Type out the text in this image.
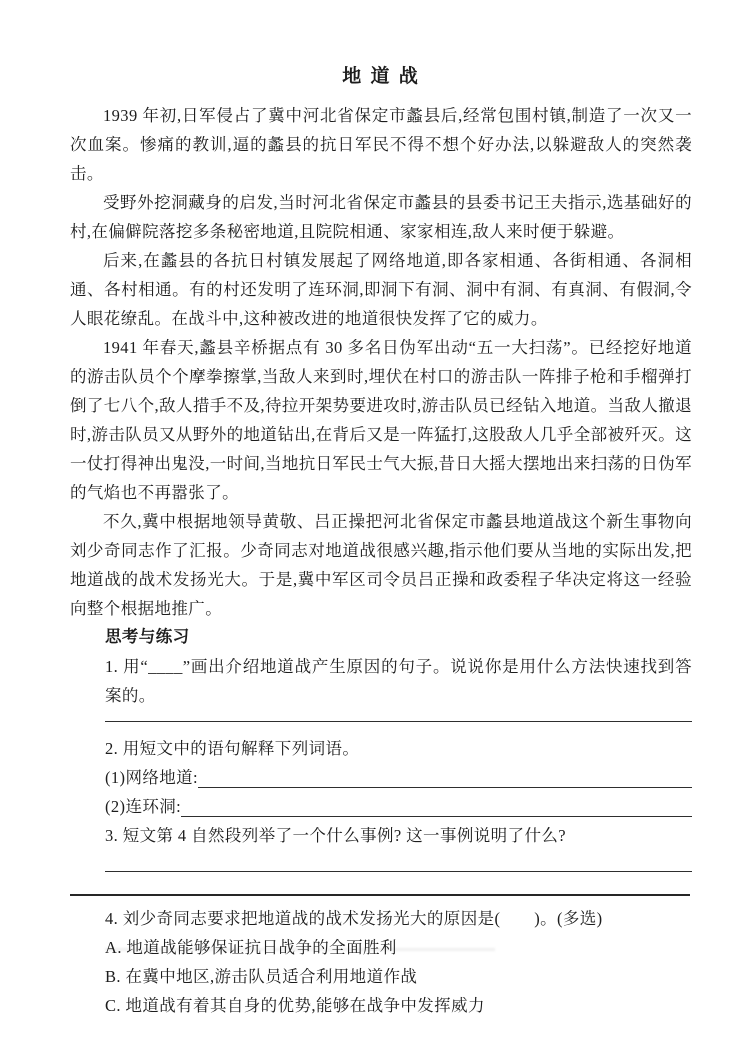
地 道 战

1939 年初,日军侵占了冀中河北省保定市蠡县后,经常包围村镇,制造了一次又一次血案。惨痛的教训,逼的蠡县的抗日军民不得不想个好办法,以躲避敌人的突然袭击。

受野外挖洞藏身的启发,当时河北省保定市蠡县的县委书记王夫指示,选基础好的村,在偏僻院落挖多条秘密地道,且院院相通、家家相连,敌人来时便于躲避。

后来,在蠡县的各抗日村镇发展起了网络地道,即各家相通、各街相通、各洞相通、各村相通。有的村还发明了连环洞,即洞下有洞、洞中有洞、有真洞、有假洞,令人眼花缭乱。在战斗中,这种被改进的地道很快发挥了它的威力。

1941 年春天,蠡县辛桥据点有 30 多名日伪军出动“五一大扫荡”。已经挖好地道的游击队员个个摩拳擦掌,当敌人来到时,埋伏在村口的游击队一阵排子枪和手榴弹打倒了七八个,敌人措手不及,待拉开架势要进攻时,游击队员已经钻入地道。当敌人撤退时,游击队员又从野外的地道钻出,在背后又是一阵猛打,这股敌人几乎全部被歼灭。这一仗打得神出鬼没,一时间,当地抗日军民士气大振,昔日大摇大摆地出来扫荡的日伪军的气焰也不再嚣张了。

不久,冀中根据地领导黄敬、吕正操把河北省保定市蠡县地道战这个新生事物向刘少奇同志作了汇报。少奇同志对地道战很感兴趣,指示他们要从当地的实际出发,把地道战的战术发扬光大。于是,冀中军区司令员吕正操和政委程子华决定将这一经验向整个根据地推广。

思考与练习

1. 用“____”画出介绍地道战产生原因的句子。说说你是用什么方法快速找到答案的。

2. 用短文中的语句解释下列词语。

(1)网络地道:
(2)连环洞:

3. 短文第 4 自然段列举了一个什么事例? 这一事例说明了什么?

4. 刘少奇同志要求把地道战的战术发扬光大的原因是(　　)。(多选)

A. 地道战能够保证抗日战争的全面胜利

B. 在冀中地区,游击队员适合利用地道作战

C. 地道战有着其自身的优势,能够在战争中发挥威力
